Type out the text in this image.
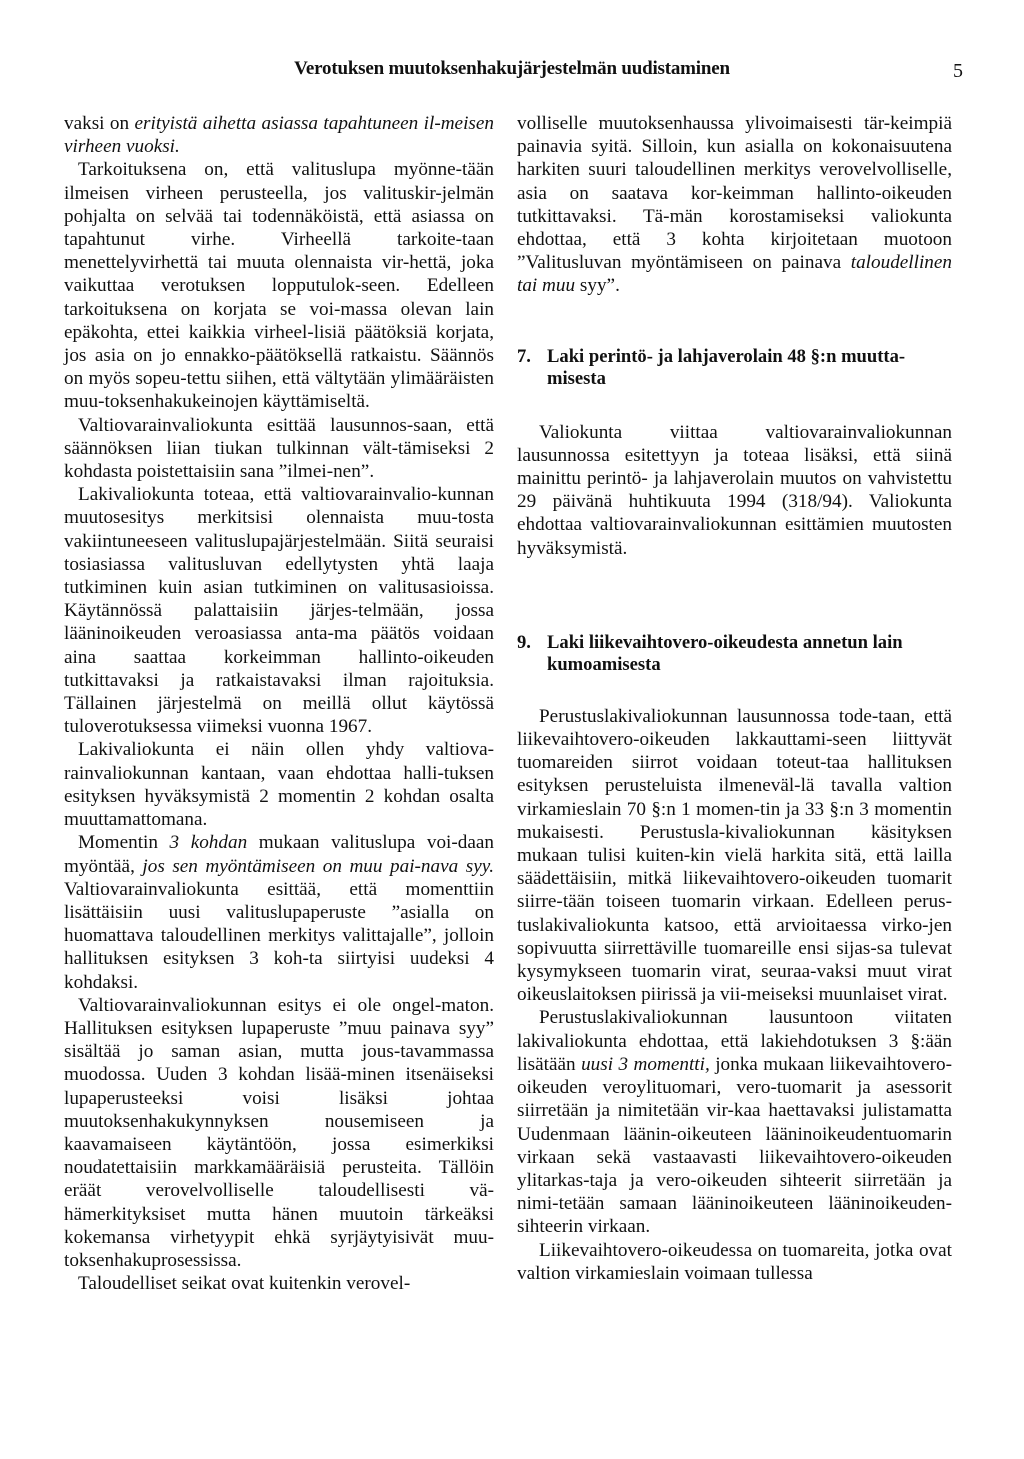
Verotuksen muutoksenhakujärjestelmän uudistaminen	5

vaksi on erityistä aihetta asiassa tapahtuneen il-meisen virheen vuoksi.

Tarkoituksena on, että valituslupa myönne-tään ilmeisen virheen perusteella, jos valituskir-jelmän pohjalta on selvää tai todennäköistä, että asiassa on tapahtunut virhe. Virheellä tarkoite-taan menettelyvirhettä tai muuta olennaista vir-hettä, joka vaikuttaa verotuksen lopputulok-seen. Edelleen tarkoituksena on korjata se voi-massa olevan lain epäkohta, ettei kaikkia virheel-lisiä päätöksiä korjata, jos asia on jo ennakko-päätöksellä ratkaistu. Säännös on myös sopeu-tettu siihen, että vältytään ylimääräisten muu-toksenhakukeinojen käyttämiseltä.

Valtiovarainvaliokunta esittää lausunnos-saan, että säännöksen liian tiukan tulkinnan vält-tämiseksi 2 kohdasta poistettaisiin sana ”ilmei-nen”.

Lakivaliokunta toteaa, että valtiovarainvalio-kunnan muutosesitys merkitsisi olennaista muu-tosta vakiintuneeseen valituslupajärjestelmään. Siitä seuraisi tosiasiassa valitusluvan edellytysten yhtä laaja tutkiminen kuin asian tutkiminen on valitusasioissa. Käytännössä palattaisiin järjes-telmään, jossa lääninoikeuden veroasiassa anta-ma päätös voidaan aina saattaa korkeimman hallinto-oikeuden tutkittavaksi ja ratkaistavaksi ilman rajoituksia. Tällainen järjestelmä on meillä ollut käytössä tuloverotuksessa viimeksi vuonna 1967.

Lakivaliokunta ei näin ollen yhdy valtiova-rainvaliokunnan kantaan, vaan ehdottaa halli-tuksen esityksen hyväksymistä 2 momentin 2 kohdan osalta muuttamattomana.

Momentin 3 kohdan mukaan valituslupa voi-daan myöntää, jos sen myöntämiseen on muu pai-nava syy. Valtiovarainvaliokunta esittää, että momenttiin lisättäisiin uusi valituslupaperuste ”asialla on huomattava taloudellinen merkitys valittajalle”, jolloin hallituksen esityksen 3 koh-ta siirtyisi uudeksi 4 kohdaksi.

Valtiovarainvaliokunnan esitys ei ole ongel-maton. Hallituksen esityksen lupaperuste ”muu painava syy” sisältää jo saman asian, mutta jous-tavammassa muodossa. Uuden 3 kohdan lisää-minen itsenäiseksi lupaperusteeksi voisi lisäksi johtaa muutoksenhakukynnyksen nousemiseen ja kaavamaiseen käytäntöön, jossa esimerkiksi noudatettaisiin markkamääräisiä perusteita. Tällöin eräät verovelvolliselle taloudellisesti vä-hämerkityksiset mutta hänen muutoin tärkeäksi kokemansa virhetyypit ehkä syrjäytyisivät muu-toksenhakuprosessissa.

Taloudelliset seikat ovat kuitenkin verovel-

volliselle muutoksenhaussa ylivoimaisesti tär-keimpiä painavia syitä. Silloin, kun asialla on kokonaisuutena harkiten suuri taloudellinen merkitys verovelvolliselle, asia on saatava kor-keimman hallinto-oikeuden tutkittavaksi. Tä-män korostamiseksi valiokunta ehdottaa, että 3 kohta kirjoitetaan muotoon ”Valitusluvan myöntämiseen on painava taloudellinen tai muu syy”.

7. Laki perintö- ja lahjaverolain 48 §:n muutta-misesta

Valiokunta viittaa valtiovarainvaliokunnan lausunnossa esitettyyn ja toteaa lisäksi, että siinä mainittu perintö- ja lahjaverolain muutos on vahvistettu 29 päivänä huhtikuuta 1994 (318/94). Valiokunta ehdottaa valtiovarainvaliokunnan esittämien muutosten hyväksymistä.

9. Laki liikevaihtovero-oikeudesta annetun lain kumoamisesta

Perustuslakivaliokunnan lausunnossa tode-taan, että liikevaihtovero-oikeuden lakkauttami-seen liittyvät tuomareiden siirrot voidaan toteut-taa hallituksen esityksen perusteluista ilmeneväl-lä tavalla valtion virkamieslain 70 §:n 1 momen-tin ja 33 §:n 3 momentin mukaisesti. Perustusla-kivaliokunnan käsityksen mukaan tulisi kuiten-kin vielä harkita sitä, että lailla säädettäisiin, mitkä liikevaihtovero-oikeuden tuomarit siirre-tään toiseen tuomarin virkaan. Edelleen perus-tuslakivaliokunta katsoo, että arvioitaessa virko-jen sopivuutta siirrettäville tuomareille ensi sijas-sa tulevat kysymykseen tuomarin virat, seuraa-vaksi muut virat oikeuslaitoksen piirissä ja vii-meiseksi muunlaiset virat.

Perustuslakivaliokunnan lausuntoon viitaten lakivaliokunta ehdottaa, että lakiehdotuksen 3 §:ään lisätään uusi 3 momentti, jonka mukaan liikevaihtovero-oikeuden veroylituomari, vero-tuomarit ja asessorit siirretään ja nimitetään vir-kaa haettavaksi julistamatta Uudenmaan läänin-oikeuteen lääninoikeudentuomarin virkaan sekä vastaavasti liikevaihtovero-oikeuden ylitarkas-taja ja vero-oikeuden sihteerit siirretään ja nimi-tetään samaan lääninoikeuteen lääninoikeuden-sihteerin virkaan.

Liikevaihtovero-oikeudessa on tuomareita, jotka ovat valtion virkamieslain voimaan tullessa
